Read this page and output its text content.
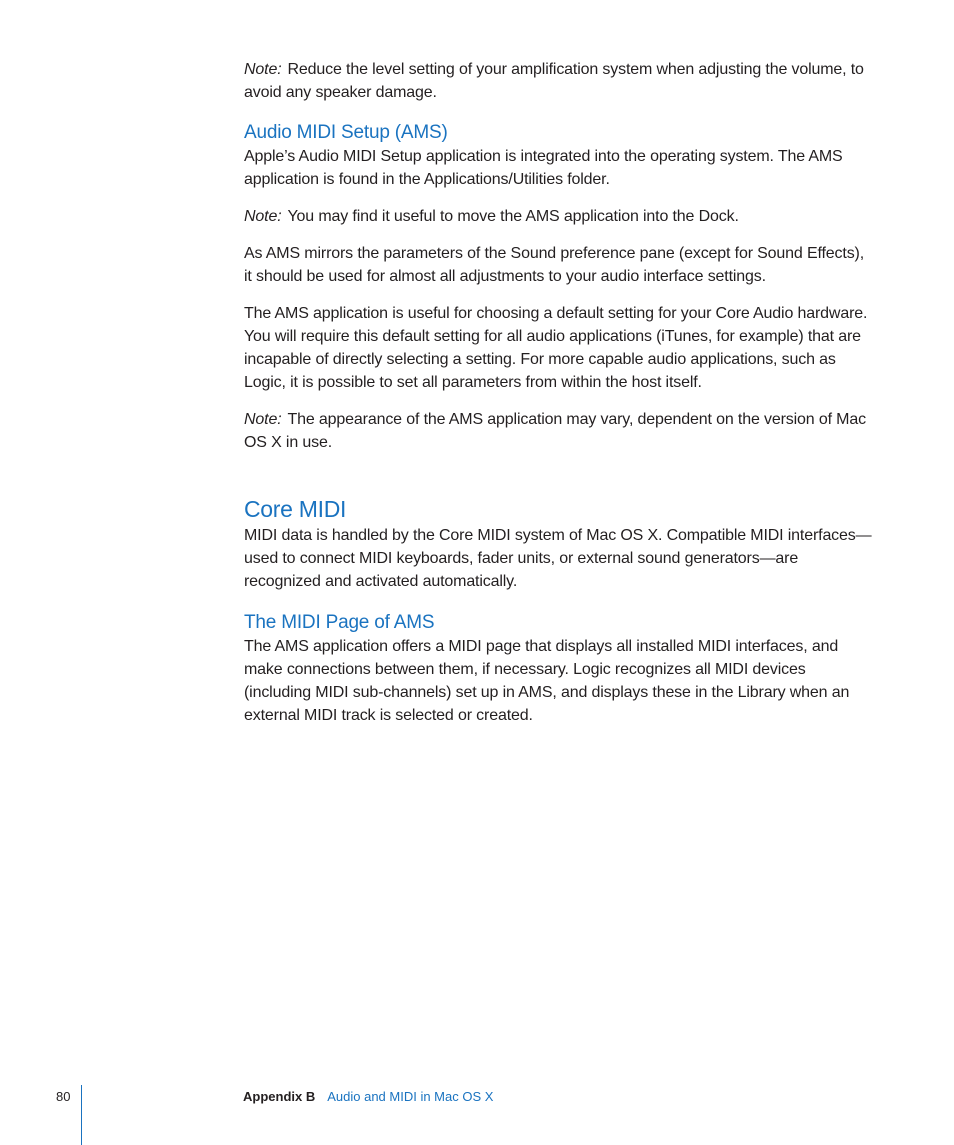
Note: Reduce the level setting of your amplification system when adjusting the volume, to avoid any speaker damage.

Audio MIDI Setup (AMS)

Apple’s Audio MIDI Setup application is integrated into the operating system. The AMS application is found in the Applications/Utilities folder.

Note: You may find it useful to move the AMS application into the Dock.

As AMS mirrors the parameters of the Sound preference pane (except for Sound Effects), it should be used for almost all adjustments to your audio interface settings.

The AMS application is useful for choosing a default setting for your Core Audio hardware. You will require this default setting for all audio applications (iTunes, for example) that are incapable of directly selecting a setting. For more capable audio applications, such as Logic, it is possible to set all parameters from within the host itself.

Note: The appearance of the AMS application may vary, dependent on the version of Mac OS X in use.

Core MIDI

MIDI data is handled by the Core MIDI system of Mac OS X. Compatible MIDI interfaces—used to connect MIDI keyboards, fader units, or external sound generators—are recognized and activated automatically.

The MIDI Page of AMS

The AMS application offers a MIDI page that displays all installed MIDI interfaces, and make connections between them, if necessary. Logic recognizes all MIDI devices (including MIDI sub-channels) set up in AMS, and displays these in the Library when an external MIDI track is selected or created.

80	Appendix B Audio and MIDI in Mac OS X
